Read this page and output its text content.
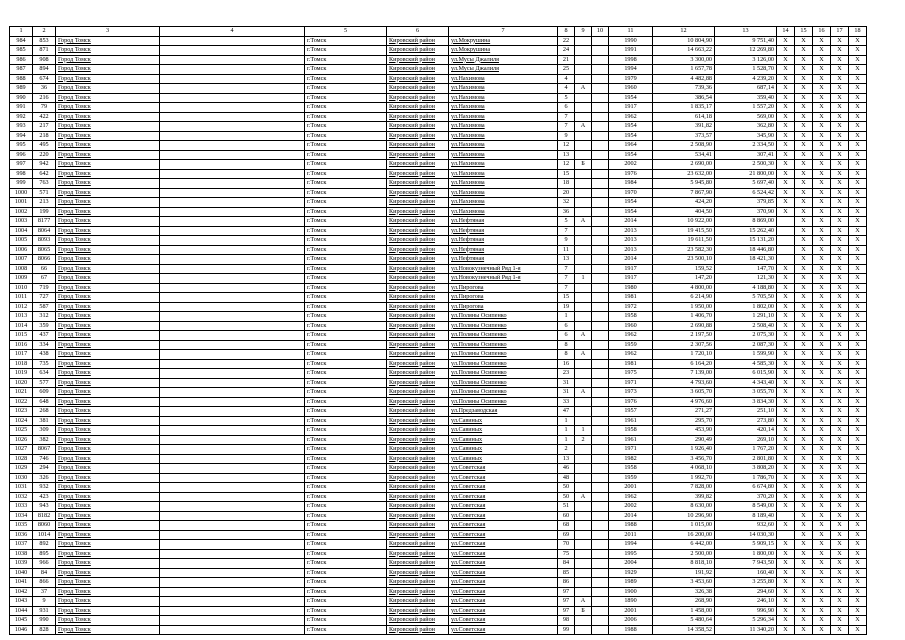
1	2	3	4	5	6	7	8	9	10	11	12	13	14	15	16	17	18
984	853	Город Томск		г.Томск	Кировский район	ул.Мокрушина	22			1990	10 804,90	9 751,40	X	X	X	X	X
985	871	Город Томск		г.Томск	Кировский район	ул.Мокрушина	24			1991	14 663,22	12 269,80	X	X	X	X	X
986	908	Город Томск		г.Томск	Кировский район	ул.Мусы Джалиля	21			1998	3 300,00	3 126,00	X	X	X	X	X
987	894	Город Томск		г.Томск	Кировский район	ул.Мусы Джалиля	25			1994	1 657,78	1 528,70	X	X	X	X	X
988	674	Город Томск		г.Томск	Кировский район	ул.Нахимова	4			1979	4 482,88	4 239,20	X	X	X	X	X
989	36	Город Томск		г.Томск	Кировский район	ул.Нахимова	4	А		1960	739,36	687,14	X	X	X	X	X
990	216	Город Томск		г.Томск	Кировский район	ул.Нахимова	5			1954	386,54	359,40	X	X	X	X	X
991	79	Город Томск		г.Томск	Кировский район	ул.Нахимова	6			1917	1 835,17	1 557,20	X	X	X	X	X
992	422	Город Томск		г.Томск	Кировский район	ул.Нахимова	7			1962	614,18	569,00	X	X	X	X	X
993	217	Город Томск		г.Томск	Кировский район	ул.Нахимова	7	А		1954	391,82	362,80	X	X	X	X	X
994	218	Город Томск		г.Томск	Кировский район	ул.Нахимова	9			1954	373,57	345,90	X	X	X	X	X
995	495	Город Томск		г.Томск	Кировский район	ул.Нахимова	12			1964	2 508,90	2 334,50	X	X	X	X	X
996	220	Город Томск		г.Томск	Кировский район	ул.Нахимова	13			1954	534,41	307,41	X	X	X	X	X
997	942	Город Томск		г.Томск	Кировский район	ул.Нахимова	12	Б		2002	2 690,00	2 500,30	X	X	X	X	X
998	642	Город Томск		г.Томск	Кировский район	ул.Нахимова	15			1976	23 632,00	21 800,00	X	X	X	X	X
999	763	Город Томск		г.Томск	Кировский район	ул.Нахимова	18			1984	5 945,80	5 697,40	X	X	X	X	X
1000	571	Город Томск		г.Томск	Кировский район	ул.Нахимова	20			1970	7 867,90	6 524,42	X	X	X	X	X
1001	213	Город Томск		г.Томск	Кировский район	ул.Нахимова	32			1954	424,20	379,85	X	X	X	X	X
1002	199	Город Томск		г.Томск	Кировский район	ул.Нахимова	36			1954	404,50	370,90	X	X	X	X	X
1003	8177	Город Томск		г.Томск	Кировский район	ул.Нефтяная	5	А		2014	10 922,00	8 869,00		X	X	X	X
1004	8064	Город Томск		г.Томск	Кировский район	ул.Нефтяная	7			2013	19 415,50	15 262,40		X	X	X	X
1005	8093	Город Томск		г.Томск	Кировский район	ул.Нефтяная	9			2013	19 611,50	15 131,20		X	X	X	X
1006	8065	Город Томск		г.Томск	Кировский район	ул.Нефтяная	11			2013	23 582,30	18 446,80		X	X	X	X
1007	8066	Город Томск		г.Томск	Кировский район	ул.Нефтяная	13			2014	23 500,10	18 421,30		X	X	X	X
1008	66	Город Томск		г.Томск	Кировский район	ул.Новокузнечный Ряд 1-я	7			1917	159,52	147,70	X	X	X	X	X
1009	67	Город Томск		г.Томск	Кировский район	ул.Новокузнечный Ряд 1-я	7	1		1917	147,20	121,30	X	X	X	X	X
1010	719	Город Томск		г.Томск	Кировский район	ул.Пирогова	7			1980	4 800,00	4 188,80	X	X	X	X	X
1011	727	Город Томск		г.Томск	Кировский район	ул.Пирогова	15			1981	6 214,90	5 705,50	X	X	X	X	X
1012	587	Город Томск		г.Томск	Кировский район	ул.Пирогова	19			1972	1 950,00	1 802,00	X	X	X	X	X
1013	312	Город Томск		г.Томск	Кировский район	ул.Поляны Осипенко	1			1958	1 406,70	1 291,10	X	X	X	X	X
1014	359	Город Томск		г.Томск	Кировский район	ул.Поляны Осипенко	6			1960	2 690,88	2 508,40	X	X	X	X	X
1015	437	Город Томск		г.Томск	Кировский район	ул.Поляны Осипенко	6	А		1962	2 197,50	2 075,30	X	X	X	X	X
1016	334	Город Томск		г.Томск	Кировский район	ул.Поляны Осипенко	8			1959	2 307,56	2 087,30	X	X	X	X	X
1017	438	Город Томск		г.Томск	Кировский район	ул.Поляны Осипенко	8	А		1962	1 720,10	1 599,90	X	X	X	X	X
1018	735	Город Томск		г.Томск	Кировский район	ул.Поляны Осипенко	16			1981	6 164,20	4 585,30	X	X	X	X	X
1019	634	Город Томск		г.Томск	Кировский район	ул.Поляны Осипенко	23			1975	7 139,00	6 015,90	X	X	X	X	X
1020	577	Город Томск		г.Томск	Кировский район	ул.Поляны Осипенко	31			1971	4 793,60	4 343,40	X	X	X	X	X
1021	609	Город Томск		г.Томск	Кировский район	ул.Поляны Осипенко	31	А		1973	3 605,70	3 055,70	X	X	X	X	X
1022	648	Город Томск		г.Томск	Кировский район	ул.Поляны Осипенко	33			1976	4 976,60	3 834,30	X	X	X	X	X
1023	268	Город Томск		г.Томск	Кировский район	ул.Предзаводская	47			1957	271,27	251,10	X	X	X	X	X
1024	381	Город Томск		г.Томск	Кировский район	ул.Савиных	1			1961	295,70	273,80	X	X	X	X	X
1025	309	Город Томск		г.Томск	Кировский район	ул.Савиных	1	1		1958	453,90	420,14	X	X	X	X	X
1026	382	Город Томск		г.Томск	Кировский район	ул.Савиных	1	2		1961	290,49	269,10	X	X	X	X	X
1027	8067	Город Томск		г.Томск	Кировский район	ул.Савиных	2			1971	1 926,40	1 767,20	X	X	X	X	X
1028	746	Город Томск		г.Томск	Кировский район	ул.Савиных	13			1982	3 456,70	2 801,80	X	X	X	X	X
1029	294	Город Томск		г.Томск	Кировский район	ул.Советская	46			1958	4 068,10	3 808,20	X	X	X	X	X
1030	326	Город Томск		г.Томск	Кировский район	ул.Советская	48			1959	1 992,70	1 786,70	X	X	X	X	X
1031	932	Город Томск		г.Томск	Кировский район	ул.Советская	50			2001	7 828,00	6 674,80	X	X	X	X	X
1032	423	Город Томск		г.Томск	Кировский район	ул.Советская	50	А		1962	399,82	370,20	X	X	X	X	X
1033	943	Город Томск		г.Томск	Кировский район	ул.Советская	51			2002	8 630,00	8 549,00	X	X	X	X	X
1034	8182	Город Томск		г.Томск	Кировский район	ул.Советская	60			2014	10 296,90	8 189,40		X	X	X	X
1035	8060	Город Томск		г.Томск	Кировский район	ул.Советская	68			1988	1 015,00	932,60	X	X	X	X	X
1036	1014	Город Томск		г.Томск	Кировский район	ул.Советская	69			2011	16 200,00	14 030,30		X	X	X	X
1037	892	Город Томск		г.Томск	Кировский район	ул.Советская	70			1994	6 442,00	5 909,15	X	X	X	X	X
1038	895	Город Томск		г.Томск	Кировский район	ул.Советская	75			1995	2 500,00	1 800,00	X	X	X	X	X
1039	966	Город Томск		г.Томск	Кировский район	ул.Советская	84			2004	8 818,10	7 943,50	X	X	X	X	X
1040	84	Город Томск		г.Томск	Кировский район	ул.Советская	85			1929	191,92	160,40	X	X	X	X	X
1041	866	Город Томск		г.Томск	Кировский район	ул.Советская	86			1989	3 453,60	3 255,80	X	X	X	X	X
1042	37	Город Томск		г.Томск	Кировский район	ул.Советская	97			1900	326,38	294,60	X	X	X	X	X
1043	9	Город Томск		г.Томск	Кировский район	ул.Советская	97	А		1890	268,90	246,10	X	X	X	X	X
1044	931	Город Томск		г.Томск	Кировский район	ул.Советская	97	Б		2001	1 458,00	996,90	X	X	X	X	X
1045	990	Город Томск		г.Томск	Кировский район	ул.Советская	98			2006	5 480,64	5 296,34	X	X	X	X	X
1046	828	Город Томск		г.Томск	Кировский район	ул.Советская	99			1988	14 358,52	11 340,20	X	X	X	X	X
